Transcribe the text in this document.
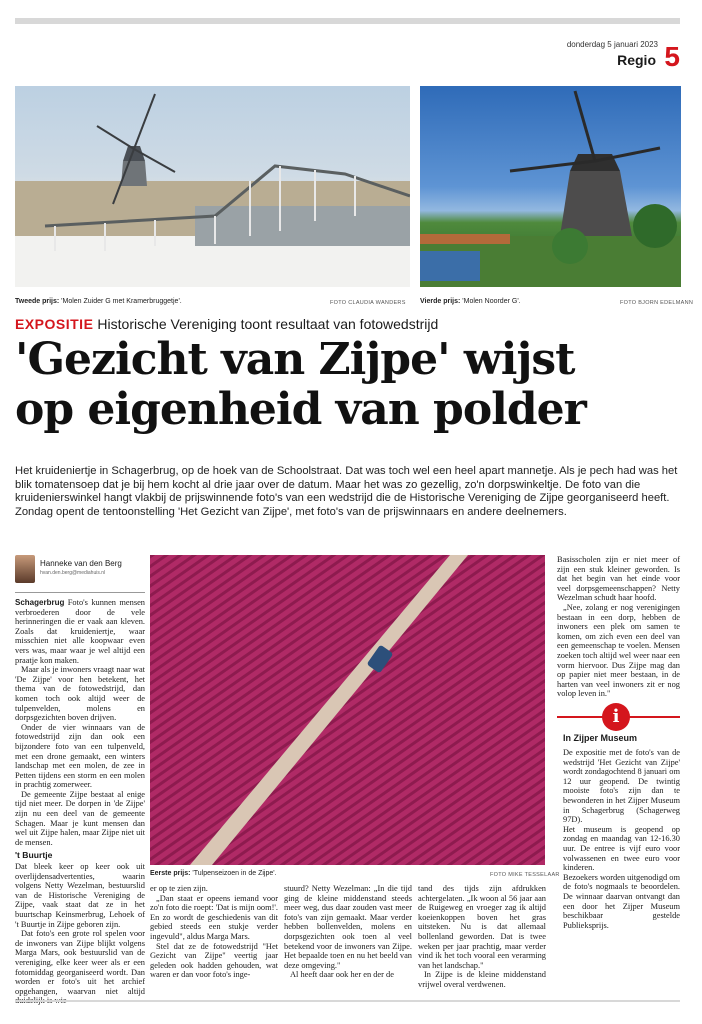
donderdag 5 januari 2023
Regio 5
Tweede prijs: 'Molen Zuider G met Kramerbruggetje'.	FOTO CLAUDIA WANDERS Vierde prijs: 'Molen Noorder G'.	FOTO BJORN EDELMANN
EXPOSITIE Historische Vereniging toont resultaat van fotowedstrijd
'Gezicht van Zijpe' wijst
op eigenheid van polder
Het kruideniertje in Schagerbrug, op de hoek van de Schoolstraat. Dat was toch wel een heel apart mannetje. Als je pech had was het blik tomatensoep dat je bij hem kocht al drie jaar over de datum. Maar het was zo gezellig, zo'n dorpswinkeltje. De foto van die kruidenierswinkel hangt vlakbij de prijswinnende foto's van een wedstrijd die de Historische Vereniging de Zijpe georganiseerd heeft. Zondag opent de tentoonstelling 'Het Gezicht van Zijpe', met foto's van de prijswinnaars en andere deelnemers.
Hanneke van den Berg
hvan.den.berg@mediahuis.nl

Schagerbrug Foto's kunnen mensen verbroederen door de vele herinneringen die er vaak aan kleven. Zoals dat kruideniertje, waar misschien niet alle koopwaar even vers was, maar waar je wel altijd een praatje kon maken.

Maar als je inwoners vraagt naar wat 'De Zijpe' voor hen betekent, het thema van de fotowedstrijd, dan komen toch ook altijd weer de tulpenvelden, molens en dorpsgezichten boven drijven.

Onder de vier winnaars van de fotowedstrijd zijn dan ook een bijzondere foto van een tulpenveld, met een drone gemaakt, een winters landschap met een molen, de zee in Petten tijdens een storm en een molen in prachtig zomerweer.

De gemeente Zijpe bestaat al enige tijd niet meer. De dorpen in 'de Zijpe' zijn nu een deel van de gemeente Schagen. Maar je kunt mensen dan wel uit Zijpe halen, maar Zijpe niet uit de mensen.

't Buurtje

Dat bleek keer op keer ook uit overlijdensadvertenties, waarin volgens Netty Wezelman, bestuurslid van de Historische Vereniging de Zijpe, vaak staat dat ze in het buurtschap Keinsmerbrug, Lehoek of 't Buurtje in Zijpe geboren zijn.

Dat foto's een grote rol spelen voor de inwoners van Zijpe blijkt volgens Marga Mars, ook bestuurslid van de vereniging, elke keer weer als er een fotomiddag georganiseerd wordt. Dan worden er foto's uit het archief opgehangen, waarvan niet altijd

Eerste prijs: 'Tulpenseizoen in de Zijpe'.	FOTO MIKE TESSELAAR

er op te zien zijn.

„Dan staat er opeens iemand voor zo'n foto die roept: 'Dat is mijn oom!'. En zo wordt de geschiedenis van dit gebied steeds een stukje verder ingevuld", aldus Marga Mars.

Stel dat ze de fotowedstrijd "Het Gezicht van Zijpe" veertig jaar geleden ook hadden gehouden, wat waren er dan voor foto's inge-

stuurd? Netty Wezelman: „In die tijd ging de kleine middenstand steeds meer weg, dus daar zouden vast meer foto's van zijn gemaakt. Maar verder hebben bollenvelden, molens en dorpsgezichten ook toen al veel betekend voor de inwoners van Zijpe. Het bepaalde toen en nu het beeld van deze omgeving."

Al heeft daar ook her en der de

tand des tijds zijn afdrukken achtergelaten. „Ik woon al 56 jaar aan de Ruigeweg en vroeger zag ik altijd koeienkoppen boven het gras uitsteken. Nu is dat allemaal bollenland geworden. Dat is twee weken per jaar prachtig, maar verder vind ik het toch vooral een verarming van het landschap."

In Zijpe is de kleine middenstand vrijwel overal verdwenen.

Basisscholen zijn er niet meer of zijn een stuk kleiner geworden. Is dat het begin van het einde voor veel dorpsgemeenschappen? Netty Wezelman schudt haar hoofd.

„Nee, zolang er nog verenigingen bestaan in een dorp, hebben de inwoners een plek om samen te komen, om zich even een deel van een gemeenschap te voelen. Mensen zoeken toch altijd wel weer naar een vorm hiervoor. Dus Zijpe mag dan op papier niet meer bestaan, in de harten van veel inwoners zit er nog volop leven in."

i
In Zijper Museum

De expositie met de foto's van de wedstrijd 'Het Gezicht van Zijpe' wordt zondagochtend 8 januari om 12 uur geopend. De twintig mooiste foto's zijn dan te bewonderen in het Zijper Museum in Schagerbrug (Schagerweg 97D).

Het museum is geopend op zondag en maandag van 12-16.30 uur. De entree is vijf euro voor volwassenen en twee euro voor kinderen.

Bezoekers worden uitgenodigd om de foto's nogmaals te beoordelen. De winnaar daarvan ontvangt dan een door het Zijper Museum beschikbaar gestelde Publieksprijs.
